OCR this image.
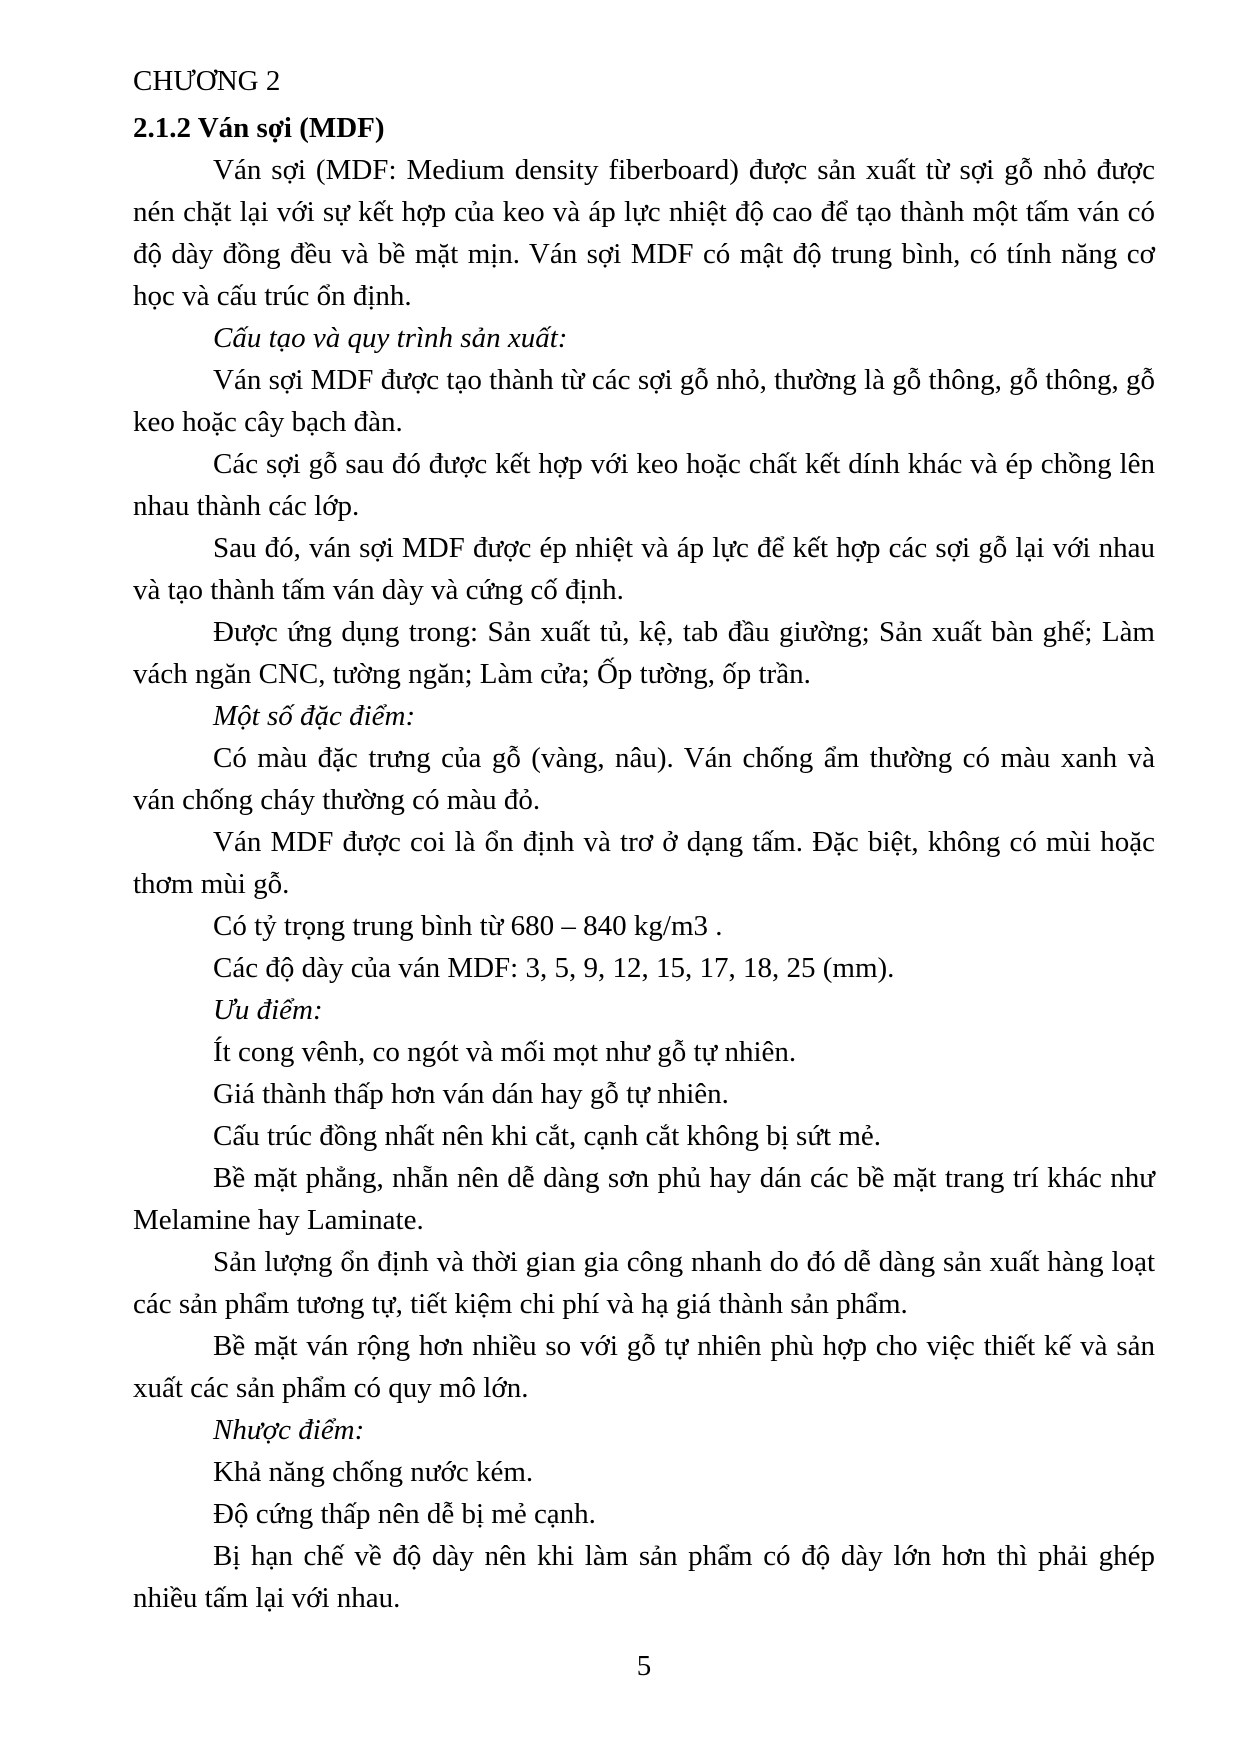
CHƯƠNG 2

2.1.2 Ván sợi (MDF)

Ván sợi (MDF: Medium density fiberboard) được sản xuất từ sợi gỗ nhỏ được nén chặt lại với sự kết hợp của keo và áp lực nhiệt độ cao để tạo thành một tấm ván có độ dày đồng đều và bề mặt mịn. Ván sợi MDF có mật độ trung bình, có tính năng cơ học và cấu trúc ổn định.

Cấu tạo và quy trình sản xuất:

Ván sợi MDF được tạo thành từ các sợi gỗ nhỏ, thường là gỗ thông, gỗ thông, gỗ keo hoặc cây bạch đàn.

Các sợi gỗ sau đó được kết hợp với keo hoặc chất kết dính khác và ép chồng lên nhau thành các lớp.

Sau đó, ván sợi MDF được ép nhiệt và áp lực để kết hợp các sợi gỗ lại với nhau và tạo thành tấm ván dày và cứng cố định.

Được ứng dụng trong: Sản xuất tủ, kệ, tab đầu giường; Sản xuất bàn ghế; Làm vách ngăn CNC, tường ngăn; Làm cửa; Ốp tường, ốp trần.

Một số đặc điểm:

Có màu đặc trưng của gỗ (vàng, nâu). Ván chống ẩm thường có màu xanh và ván chống cháy thường có màu đỏ.

Ván MDF được coi là ổn định và trơ ở dạng tấm. Đặc biệt, không có mùi hoặc thơm mùi gỗ.

Có tỷ trọng trung bình từ 680 – 840 kg/m3 .

Các độ dày của ván MDF: 3, 5, 9, 12, 15, 17, 18, 25 (mm).

Ưu điểm:

Ít cong vênh, co ngót và mối mọt như gỗ tự nhiên.

Giá thành thấp hơn ván dán hay gỗ tự nhiên.

Cấu trúc đồng nhất nên khi cắt, cạnh cắt không bị sứt mẻ.

Bề mặt phẳng, nhẵn nên dễ dàng sơn phủ hay dán các bề mặt trang trí khác như Melamine hay Laminate.

Sản lượng ổn định và thời gian gia công nhanh do đó dễ dàng sản xuất hàng loạt các sản phẩm tương tự, tiết kiệm chi phí và hạ giá thành sản phẩm.

Bề mặt ván rộng hơn nhiều so với gỗ tự nhiên phù hợp cho việc thiết kế và sản xuất các sản phẩm có quy mô lớn.

Nhược điểm:

Khả năng chống nước kém.

Độ cứng thấp nên dễ bị mẻ cạnh.

Bị hạn chế về độ dày nên khi làm sản phẩm có độ dày lớn hơn thì phải ghép nhiều tấm lại với nhau.

5
